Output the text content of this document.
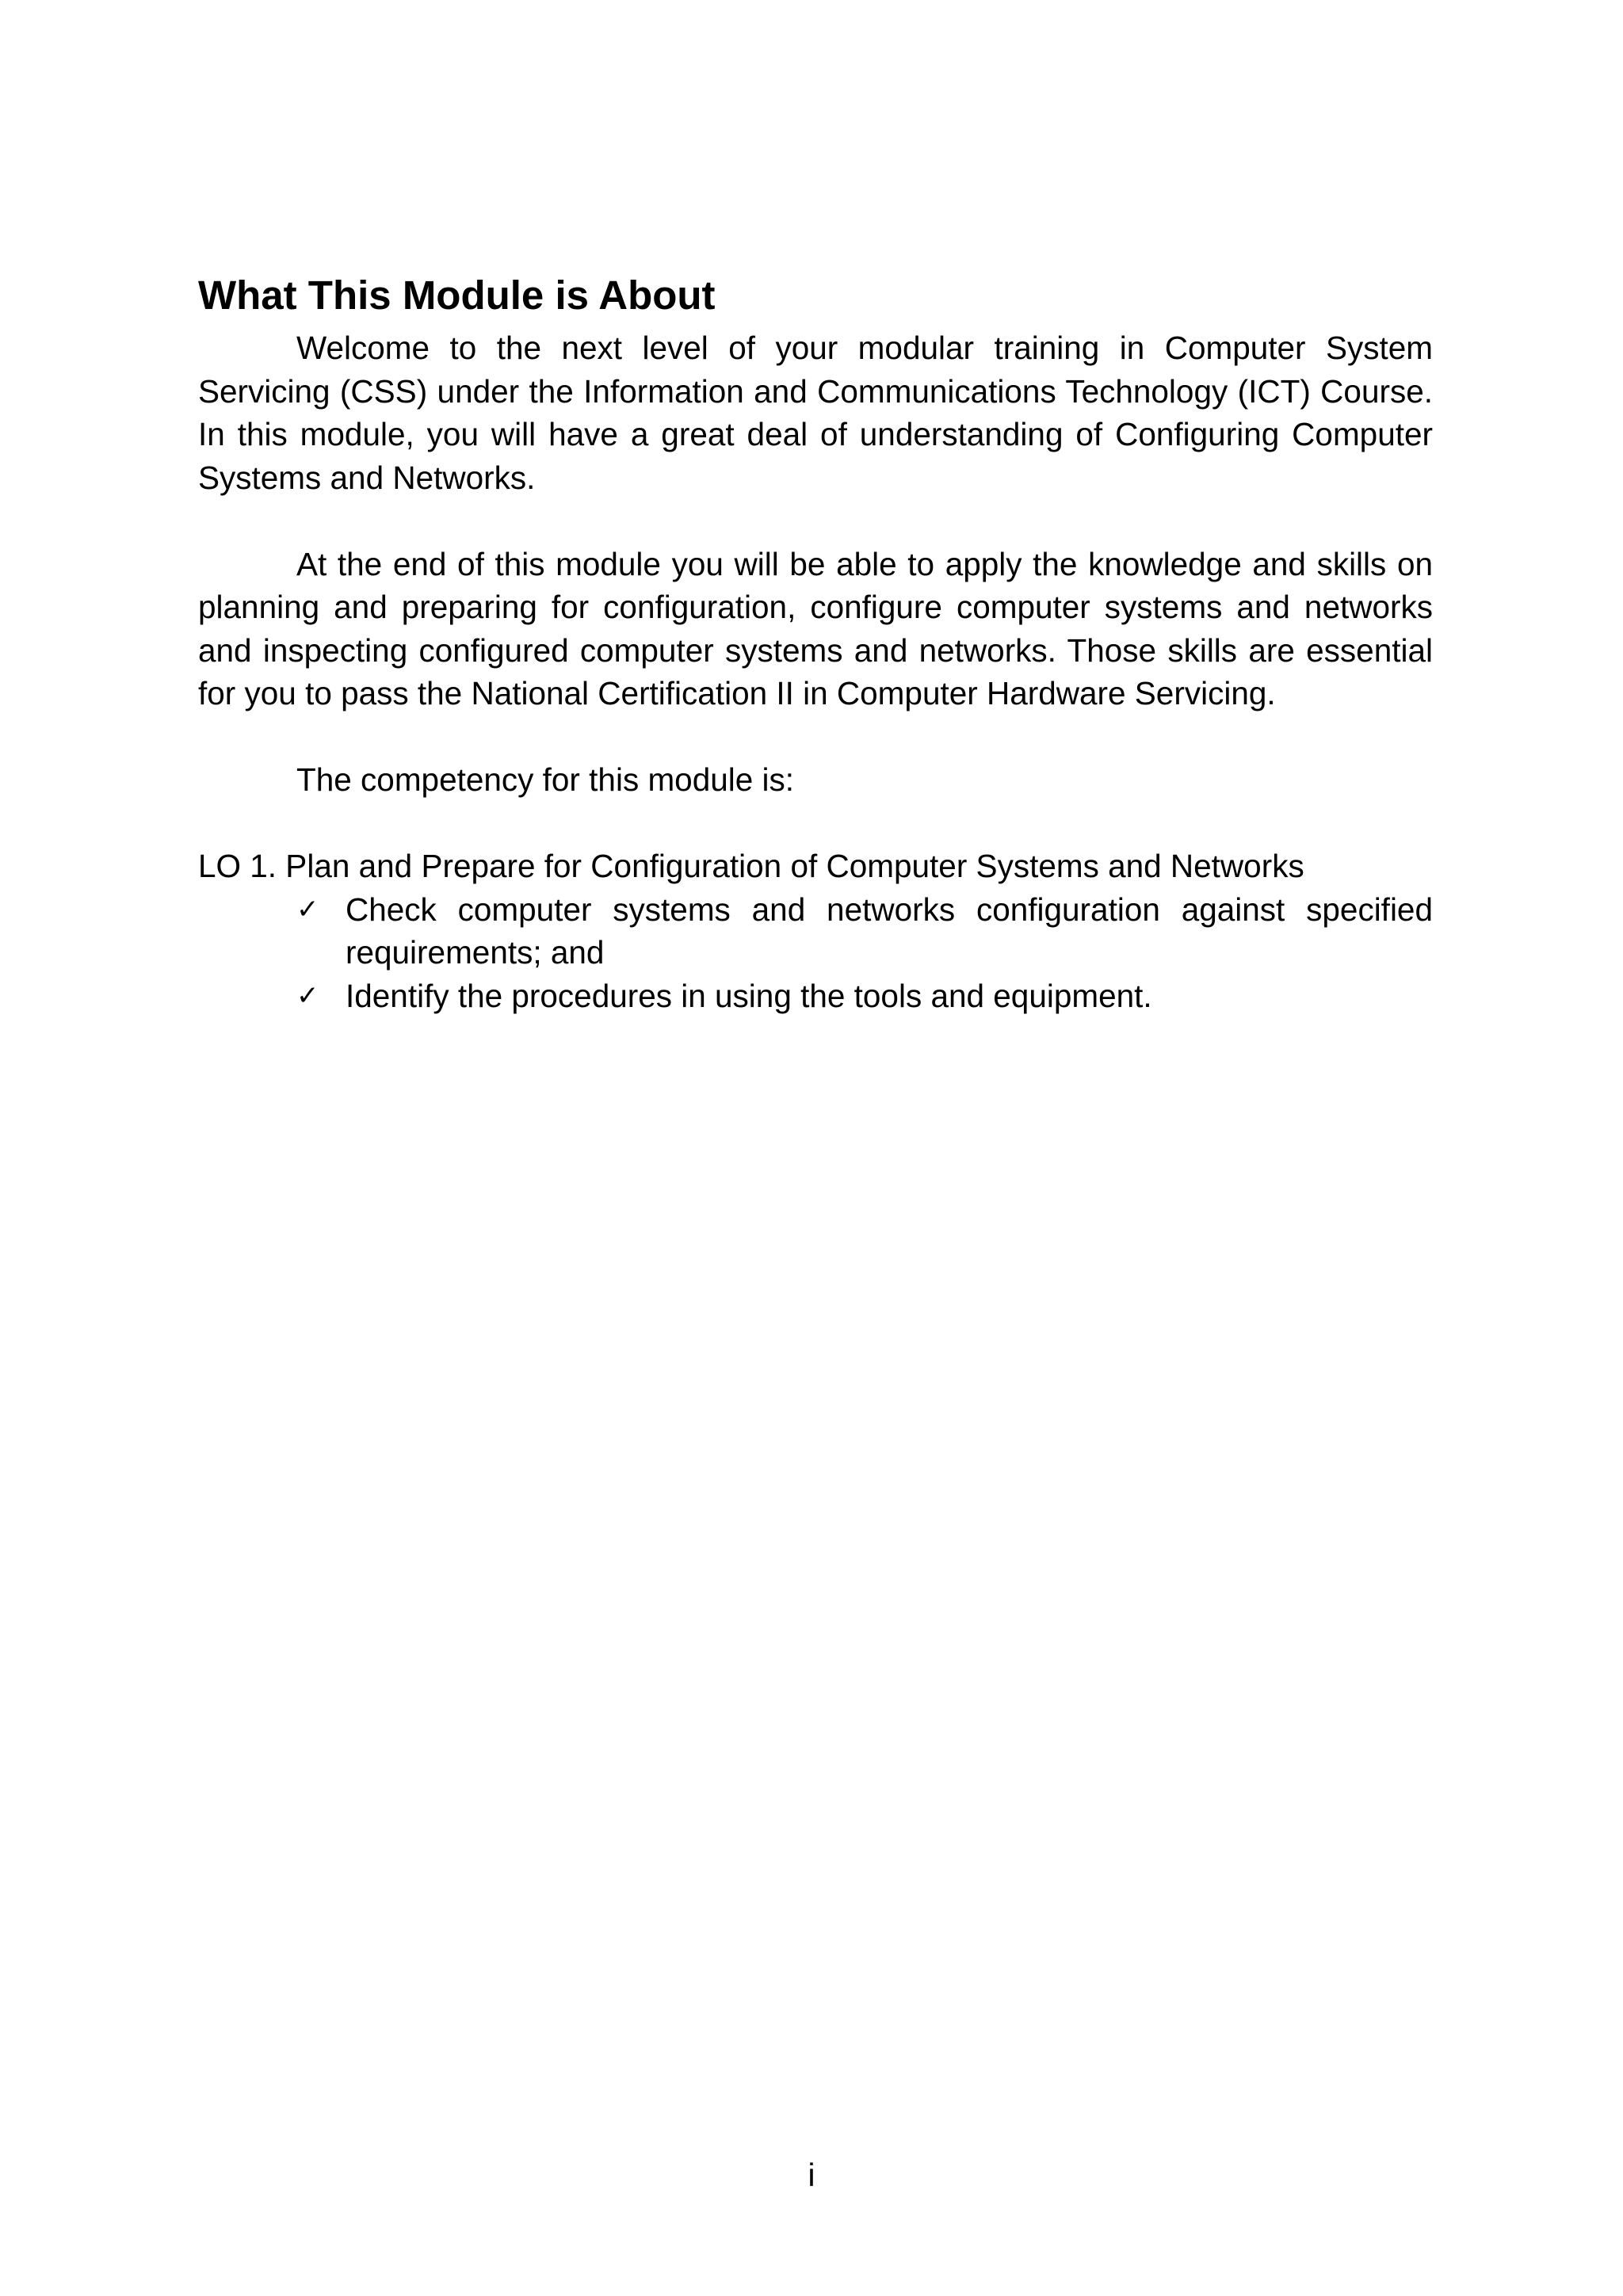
What This Module is About

Welcome to the next level of your modular training in Computer System Servicing (CSS) under the Information and Communications Technology (ICT) Course. In this module, you will have a great deal of understanding of Configuring Computer Systems and Networks.

At the end of this module you will be able to apply the knowledge and skills on planning and preparing for configuration, configure computer systems and networks and inspecting configured computer systems and networks. Those skills are essential for you to pass the National Certification II in Computer Hardware Servicing.

The competency for this module is:

LO 1. Plan and Prepare for Configuration of Computer Systems and Networks

✓ Check computer systems and networks configuration against specified requirements; and
✓ Identify the procedures in using the tools and equipment.
i
